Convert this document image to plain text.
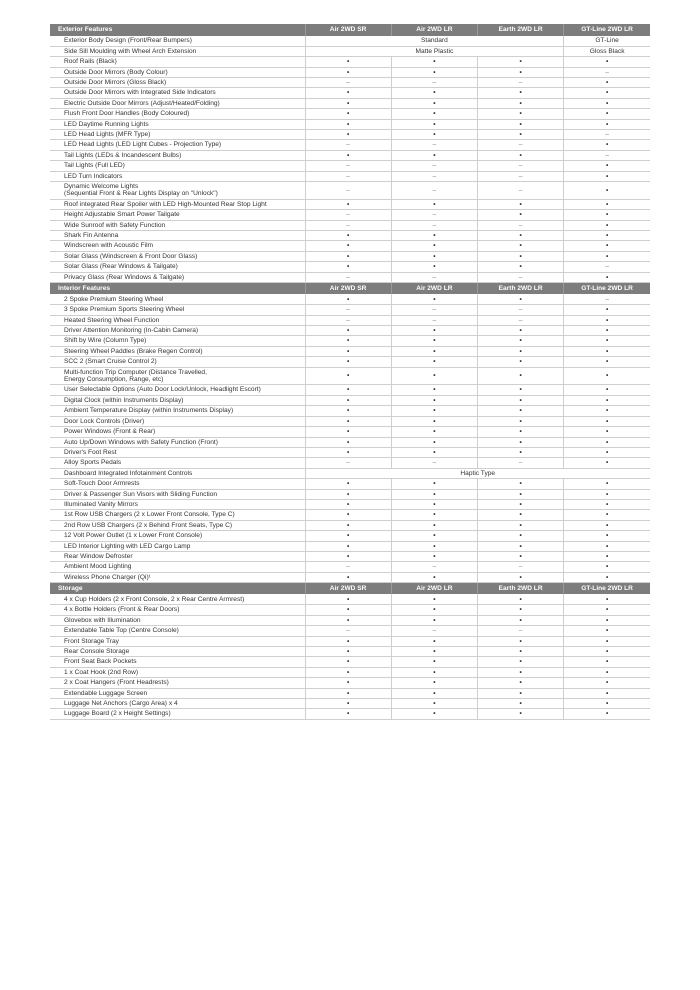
Exterior Features	Air 2WD SR	Air 2WD LR	Earth 2WD LR	GT-Line 2WD LR
Exterior Body Design (Front/Rear Bumpers)	Standard			GT-Line
Side Sill Moulding with Wheel Arch Extension	Matte Plastic			Gloss Black
Roof Rails (Black)	•	•	•	•
Outside Door Mirrors (Body Colour)	•	•	•	–
Outside Door Mirrors (Gloss Black)	–	–	–	•
Outside Door Mirrors with Integrated Side Indicators	•	•	•	•
Electric Outside Door Mirrors (Adjust/Heated/Folding)	•	•	•	•
Flush Front Door Handles (Body Coloured)	•	•	•	•
LED Daytime Running Lights	•	•	•	•
LED Head Lights (MFR Type)	•	•	•	–
LED Head Lights (LED Light Cubes - Projection Type)	–	–	–	•
Tail Lights (LEDs & Incandescent Bulbs)	•	•	•	–
Tail Lights (Full LED)	–	–	–	•
LED Turn Indicators	–	–	–	•
Dynamic Welcome Lights
(Sequential Front & Rear Lights Display on "Unlock")	–	–	–	•
Roof integrated Rear Spoiler with LED High-Mounted Rear Stop Light	•	•	•	•
Height Adjustable Smart Power Tailgate	–	–	•	•
Wide Sunroof with Safety Function	–	–	–	•
Shark Fin Antenna	•	•	•	•
Windscreen with Acoustic Film	•	•	•	•
Solar Glass (Windscreen & Front Door Glass)	•	•	•	•
Solar Glass (Rear Windows & Tailgate)	•	•	•	–
Privacy Glass (Rear Windows & Tailgate)	–	–	–	•
Interior Features	Air 2WD SR	Air 2WD LR	Earth 2WD LR	GT-Line 2WD LR
2 Spoke Premium Steering Wheel	•	•	•	–
3 Spoke Premium Sports Steering Wheel	–	–	–	•
Heated Steering Wheel Function	–	–	–	•
Driver Attention Monitoring (In-Cabin Camera)	•	•	•	•
Shift by Wire (Column Type)	•	•	•	•
Steering Wheel Paddles (Brake Regen Control)	•	•	•	•
SCC 2 (Smart Cruise Control 2)	•	•	•	•
Multi-function Trip Computer (Distance Travelled,
Energy Consumption, Range, etc)	•	•	•	•
User Selectable Options (Auto Door Lock/Unlock, Headlight Escort)	•	•	•	•
Digital Clock (within Instruments Display)	•	•	•	•
Ambient Temperature Display (within Instruments Display)	•	•	•	•
Door Lock Controls (Driver)	•	•	•	•
Power Windows (Front & Rear)	•	•	•	•
Auto Up/Down Windows with Safety Function (Front)	•	•	•	•
Driver's Foot Rest	•	•	•	•
Alloy Sports Pedals	–	–	–	•
Dashboard Integrated Infotainment Controls	Haptic Type			
Soft-Touch Door Armrests	•	•	•	•
Driver & Passenger Sun Visors with Sliding Function	•	•	•	•
Illuminated Vanity Mirrors	•	•	•	•
1st Row USB Chargers (2 x Lower Front Console, Type C)	•	•	•	•
2nd Row USB Chargers (2 x Behind Front Seats, Type C)	•	•	•	•
12 Volt Power Outlet (1 x Lower Front Console)	•	•	•	•
LED Interior Lighting with LED Cargo Lamp	•	•	•	•
Rear Window Defroster	•	•	•	•
Ambient Mood Lighting	–	–	–	•
Wireless Phone Charger (Qi)¹	•	•	•	•
Storage	Air 2WD SR	Air 2WD LR	Earth 2WD LR	GT-Line 2WD LR
4 x Cup Holders (2 x Front Console, 2 x Rear Centre Armrest)	•	•	•	•
4 x Bottle Holders (Front & Rear Doors)	•	•	•	•
Glovebox with Illumination	•	•	•	•
Extendable Table Top (Centre Console)	–	–	–	•
Front Storage Tray	•	•	•	•
Rear Console Storage	•	•	•	•
Front Seat Back Pockets	•	•	•	•
1 x Coat Hook (2nd Row)	•	•	•	•
2 x Coat Hangers (Front Headrests)	•	•	•	•
Extendable Luggage Screen	•	•	•	•
Luggage Net Anchors (Cargo Area) x 4	•	•	•	•
Luggage Board (2 x Height Settings)	•	•	•	•
